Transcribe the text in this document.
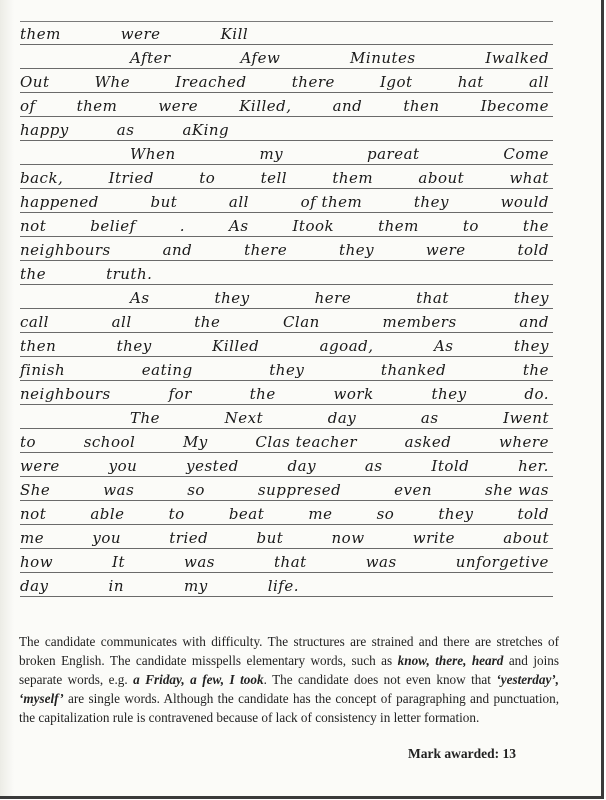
them	were	Kill
After	Afew	Minutes	Iwalked
Out	Whe	Ireached	there	Igot	hat	all
of	them	were	Killed,	and	then	Ibecome
happy	as	aKing
When	my	pareat	Come
back,	Itried	to	tell	them	about	what
happened	but	all	of them	they	would
not	belief	.	As	Itook	them	to	the
neighbours	and	there	they	were	told
the	truth.
As	they	here	that	they
call	all	the	Clan	members	and
then	they	Killed	agoad,	As	they
finish	eating	they	thanked	the
neighbours	for	the	work	they	do.
The	Next	day	as	Iwent
to	school	My	Clas teacher	asked	where
were	you	yested	day	as	Itold	her.
She	was	so	suppresed	even	she was
not	able	to	beat	me	so	they	told
me	you	tried	but	now	write	about
how	It	was	that	was	unforgetive
day	in	my	life.
The candidate communicates with difficulty. The structures are strained and there are stretches of broken English. The candidate misspells elementary words, such as know, there, heard and joins separate words, e.g. a Friday, a few, I took. The candidate does not even know that ‘yesterday’, ‘myself’ are single words. Although the candidate has the concept of paragraphing and punctuation, the capitalization rule is contravened because of lack of consistency in letter formation.
Mark awarded: 13
